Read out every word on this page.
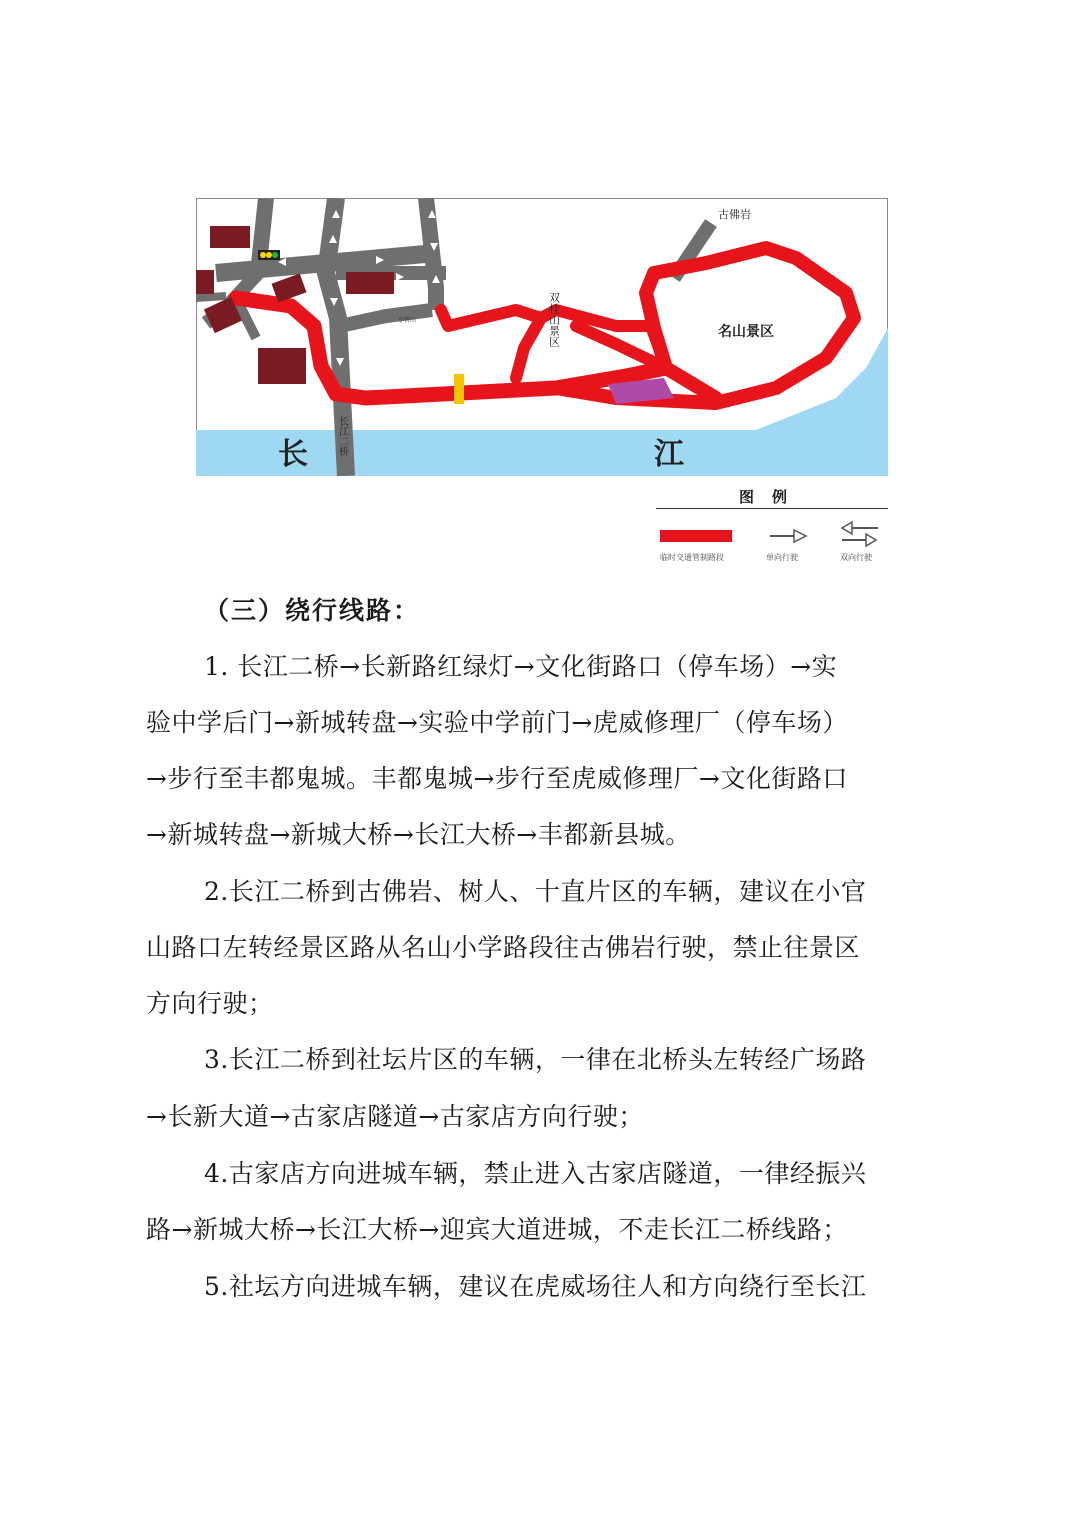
长	江
长江二桥
名山景区
双桂山景区
古佛岩
小官山
图例
临时交通管制路段	单向行驶	双向行驶
（三）绕行线路：
1. 长江二桥→长新路红绿灯→文化街路口（停车场）→实
验中学后门→新城转盘→实验中学前门→虎威修理厂（停车场）
→步行至丰都鬼城。丰都鬼城→步行至虎威修理厂→文化街路口
→新城转盘→新城大桥→长江大桥→丰都新县城。
2.长江二桥到古佛岩、树人、十直片区的车辆，建议在小官
山路口左转经景区路从名山小学路段往古佛岩行驶，禁止往景区
方向行驶；
3.长江二桥到社坛片区的车辆，一律在北桥头左转经广场路
→长新大道→古家店隧道→古家店方向行驶；
4.古家店方向进城车辆，禁止进入古家店隧道，一律经振兴
路→新城大桥→长江大桥→迎宾大道进城，不走长江二桥线路；
5.社坛方向进城车辆，建议在虎威场往人和方向绕行至长江
